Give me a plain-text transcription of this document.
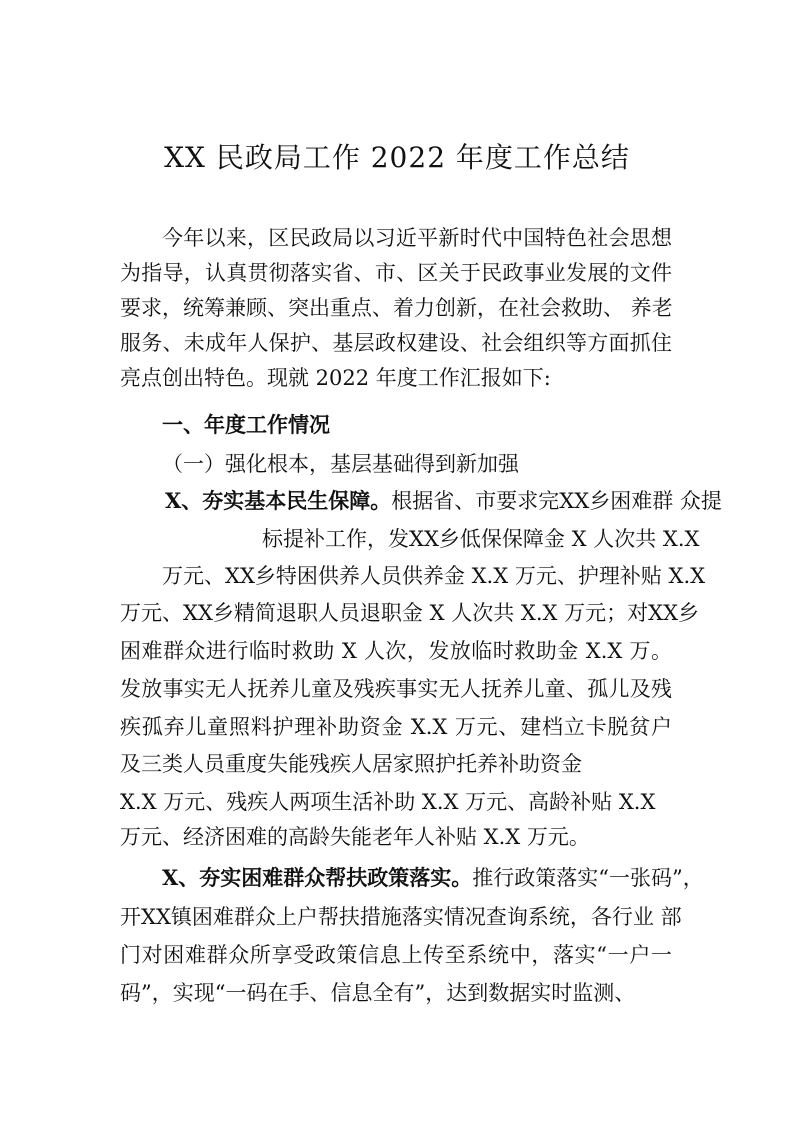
XX 民政局工作 2022 年度工作总结
今年以来，区民政局以习近平新时代中国特色社会思想
为指导，认真贯彻落实省、市、区关于民政事业发展的文件
要求，统筹兼顾、突出重点、着力创新，在社会救助、 养老
服务、未成年人保护、基层政权建设、社会组织等方面抓住
亮点创出特色。现就 2022 年度工作汇报如下:
一、年度工作情况
（一）强化根本，基层基础得到新加强
X、夯实基本民生保障。根据省、市要求完XX乡困难群 众提
标提补工作，发XX乡低保保障金 X 人次共 X.X
万元、XX乡特困供养人员供养金 X.X 万元、护理补贴 X.X
万元、XX乡精简退职人员退职金 X 人次共 X.X 万元；对XX乡
困难群众进行临时救助 X 人次，发放临时救助金 X.X 万。
发放事实无人抚养儿童及残疾事实无人抚养儿童、孤儿及残
疾孤弃儿童照料护理补助资金 X.X 万元、建档立卡脱贫户
及三类人员重度失能残疾人居家照护托养补助资金
X.X 万元、残疾人两项生活补助 X.X 万元、高龄补贴 X.X
万元、经济困难的高龄失能老年人补贴 X.X 万元。
X、夯实困难群众帮扶政策落实。推行政策落实“一张码”，
开XX镇困难群众上户帮扶措施落实情况查询系统，各行业 部
门对困难群众所享受政策信息上传至系统中，落实“一户一
码”，实现“一码在手、信息全有”，达到数据实时监测、
